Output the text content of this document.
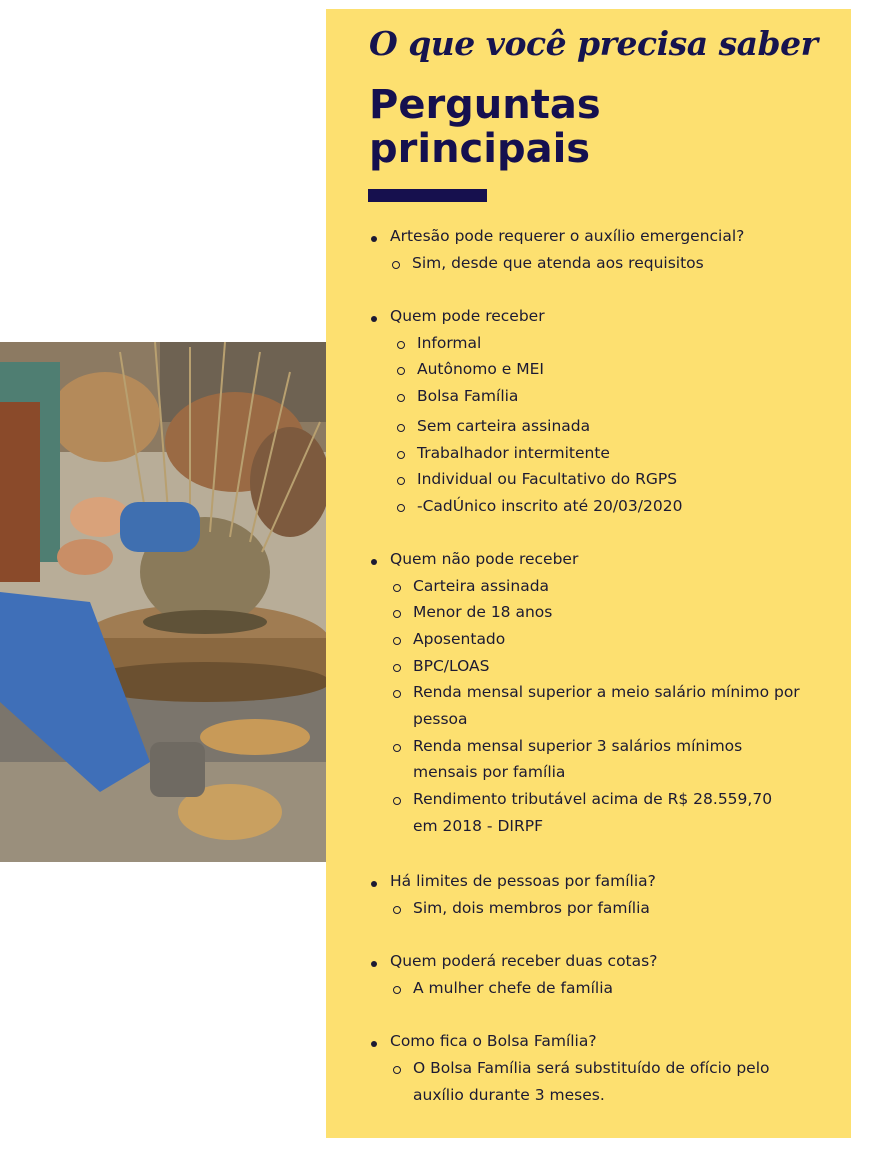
O que você precisa saber
Perguntas principais
Artesão pode requerer o auxílio emergencial?
Sim, desde que atenda aos requisitos
Quem pode receber
Informal
Autônomo e MEI
Bolsa Família
Sem carteira assinada
Trabalhador intermitente
Individual ou Facultativo do RGPS
-CadÚnico inscrito até 20/03/2020
Quem não pode receber
Carteira assinada
Menor de 18 anos
Aposentado
BPC/LOAS
Renda mensal superior a meio salário mínimo por
pessoa
Renda mensal superior 3 salários mínimos
mensais por família
Rendimento tributável acima de R$ 28.559,70
em 2018 - DIRPF
Há limites de pessoas por família?
Sim, dois membros por família
Quem poderá receber duas cotas?
A mulher chefe de família
Como fica o Bolsa Família?
O Bolsa Família será substituído de ofício pelo
auxílio durante 3 meses.
